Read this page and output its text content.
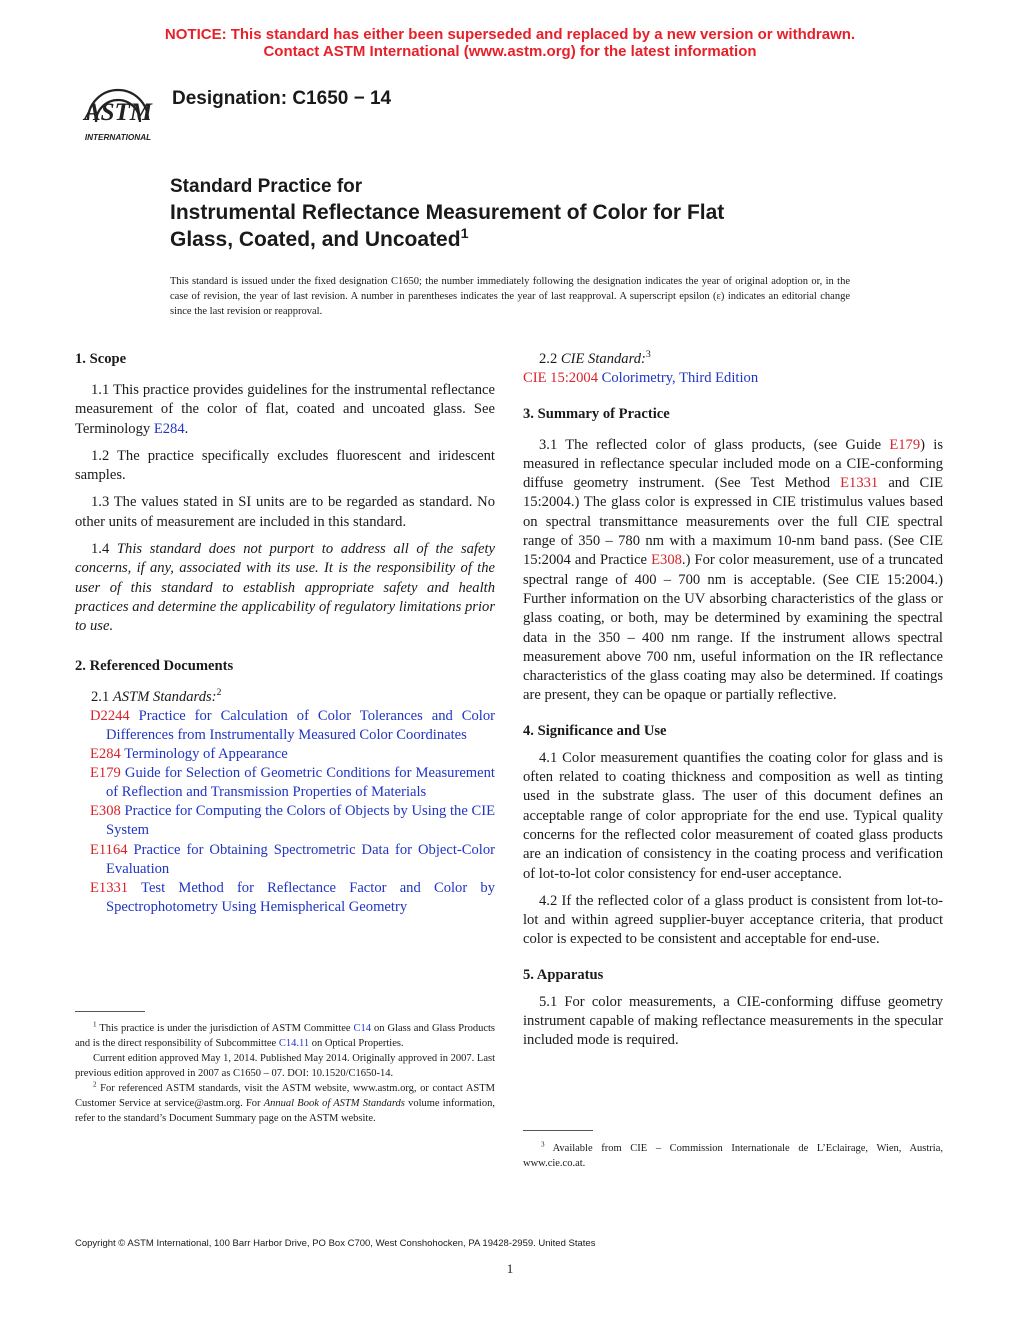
NOTICE: This standard has either been superseded and replaced by a new version or withdrawn.
Contact ASTM International (www.astm.org) for the latest information
ASTM
INTERNATIONAL
Designation: C1650 − 14
Standard Practice for
Instrumental Reflectance Measurement of Color for Flat
Glass, Coated, and Uncoated$^1$
This standard is issued under the fixed designation C1650; the number immediately following the designation indicates the year of original adoption or, in the case of revision, the year of last revision. A number in parentheses indicates the year of last reapproval. A superscript epsilon (ε) indicates an editorial change since the last revision or reapproval.
1. Scope

1.1 This practice provides guidelines for the instrumental reflectance measurement of the color of flat, coated and uncoated glass. See Terminology E284.

1.2 The practice specifically excludes fluorescent and iridescent samples.

1.3 The values stated in SI units are to be regarded as standard. No other units of measurement are included in this standard.

1.4 This standard does not purport to address all of the safety concerns, if any, associated with its use. It is the responsibility of the user of this standard to establish appropriate safety and health practices and determine the applicability of regulatory limitations prior to use.

2. Referenced Documents

2.1 ASTM Standards:$^2$

D2244 Practice for Calculation of Color Tolerances and Color Differences from Instrumentally Measured Color Coordinates

E284 Terminology of Appearance

E179 Guide for Selection of Geometric Conditions for Measurement of Reflection and Transmission Properties of Materials

E308 Practice for Computing the Colors of Objects by Using the CIE System

E1164 Practice for Obtaining Spectrometric Data for Object-Color Evaluation

E1331 Test Method for Reflectance Factor and Color by Spectrophotometry Using Hemispherical Geometry

$^1$ This practice is under the jurisdiction of ASTM Committee C14 on Glass and Glass Products and is the direct responsibility of Subcommittee C14.11 on Optical Properties.

Current edition approved May 1, 2014. Published May 2014. Originally approved in 2007. Last previous edition approved in 2007 as C1650 – 07. DOI: 10.1520/C1650-14.

$^2$ For referenced ASTM standards, visit the ASTM website, www.astm.org, or contact ASTM Customer Service at service@astm.org. For Annual Book of ASTM Standards volume information, refer to the standard’s Document Summary page on the ASTM website.

2.2 CIE Standard:$^3$

CIE 15:2004 Colorimetry, Third Edition

3. Summary of Practice

3.1 The reflected color of glass products, (see Guide E179) is measured in reflectance specular included mode on a CIE-conforming diffuse geometry instrument. (See Test Method E1331 and CIE 15:2004.) The glass color is expressed in CIE tristimulus values based on spectral transmittance measurements over the full CIE spectral range of 350 – 780 nm with a maximum 10-nm band pass. (See CIE 15:2004 and Practice E308.) For color measurement, use of a truncated spectral range of 400 – 700 nm is acceptable. (See CIE 15:2004.) Further information on the UV absorbing characteristics of the glass or glass coating, or both, may be determined by examining the spectral data in the 350 – 400 nm range. If the instrument allows spectral measurement above 700 nm, useful information on the IR reflectance characteristics of the glass coating may also be determined. If coatings are present, they can be opaque or partially reflective.

4. Significance and Use

4.1 Color measurement quantifies the coating color for glass and is often related to coating thickness and composition as well as tinting used in the substrate glass. The user of this document defines an acceptable range of color appropriate for the end use. Typical quality concerns for the reflected color measurement of coated glass products are an indication of consistency in the coating process and verification of lot-to-lot color consistency for end-user acceptance.

4.2 If the reflected color of a glass product is consistent from lot-to-lot and within agreed supplier-buyer acceptance criteria, that product color is expected to be consistent and acceptable for end-use.

5. Apparatus

5.1 For color measurements, a CIE-conforming diffuse geometry instrument capable of making reflectance measurements in the specular included mode is required.

$^3$ Available from CIE – Commission Internationale de L’Eclairage, Wien, Austria, www.cie.co.at.

Copyright © ASTM International, 100 Barr Harbor Drive, PO Box C700, West Conshohocken, PA 19428-2959. United States
1
